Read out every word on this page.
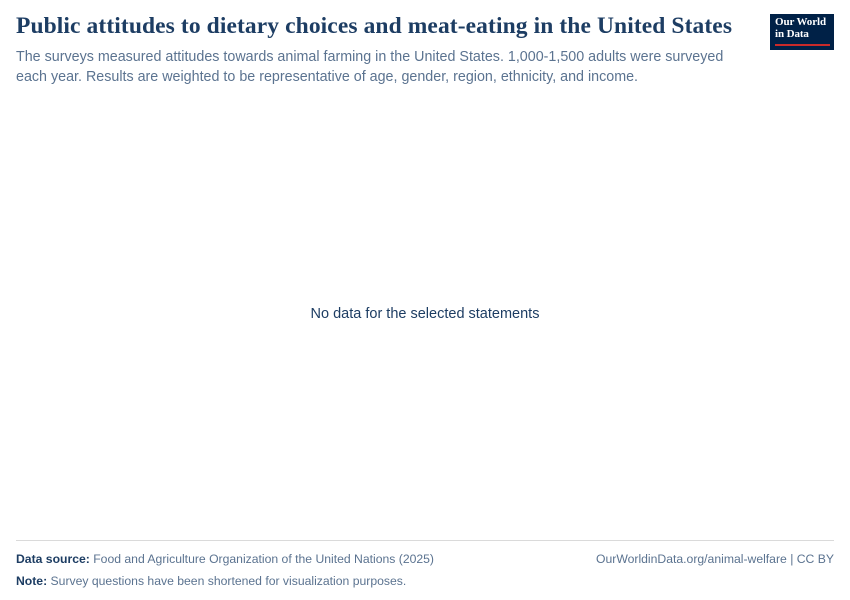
Public attitudes to dietary choices and meat-eating in the United States

The surveys measured attitudes towards animal farming in the United States. 1,000-1,500 adults were surveyed each year. Results are weighted to be representative of age, gender, region, ethnicity, and income.

Our World
in Data
No data for the selected statements
Data source: Food and Agriculture Organization of the United Nations (2025)	OurWorldinData.org/animal-welfare | CC BY
Note: Survey questions have been shortened for visualization purposes.
